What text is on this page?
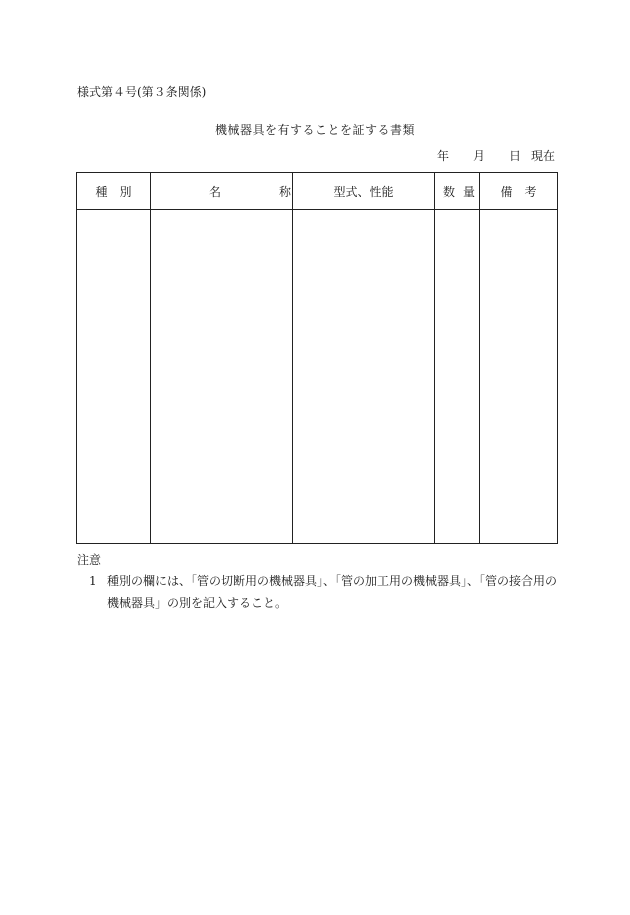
様式第４号(第３条関係)
機械器具を有することを証する書類
年 月 日 現在
種別	名称	型式、性能	数量	備考

注意
1 種別の欄には、「管の切断用の機械器具」、「管の加工用の機械器具」、「管の接合用の機械器具」の別を記入すること。
